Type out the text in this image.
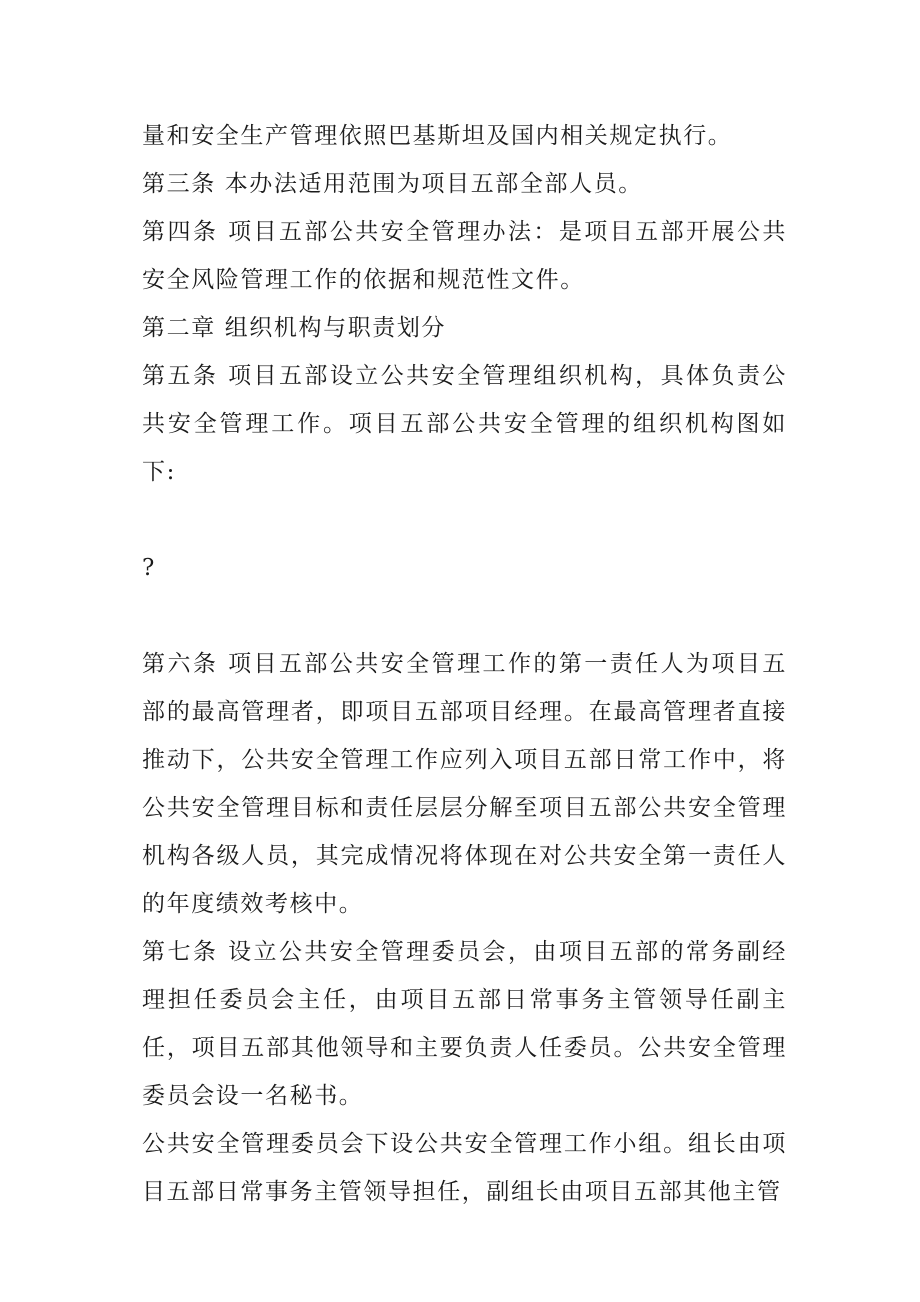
量和安全生产管理依照巴基斯坦及国内相关规定执行。

第三条 本办法适用范围为项目五部全部人员。

第四条 项目五部公共安全管理办法：是项目五部开展公共安全风险管理工作的依据和规范性文件。

第二章 组织机构与职责划分

第五条 项目五部设立公共安全管理组织机构，具体负责公共安全管理工作。项目五部公共安全管理的组织机构图如下:

?

第六条 项目五部公共安全管理工作的第一责任人为项目五部的最高管理者，即项目五部项目经理。在最高管理者直接推动下，公共安全管理工作应列入项目五部日常工作中，将公共安全管理目标和责任层层分解至项目五部公共安全管理机构各级人员，其完成情况将体现在对公共安全第一责任人的年度绩效考核中。

第七条 设立公共安全管理委员会，由项目五部的常务副经理担任委员会主任，由项目五部日常事务主管领导任副主任，项目五部其他领导和主要负责人任委员。公共安全管理委员会设一名秘书。

公共安全管理委员会下设公共安全管理工作小组。组长由项目五部日常事务主管领导担任，副组长由项目五部其他主管
